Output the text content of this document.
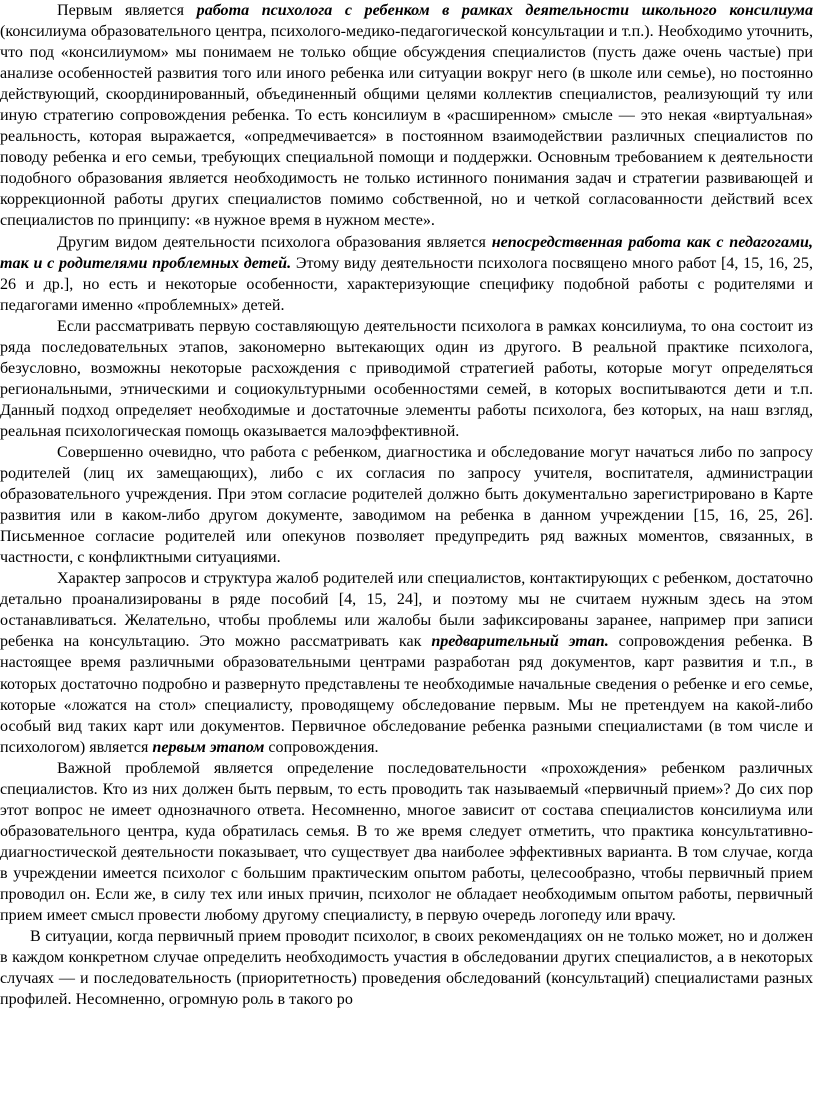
Первым является работа психолога с ребенком в рамках деятельности школьного консилиума (консилиума образовательного центра, психолого-медико-педагогической консультации и т.п.). Необходимо уточнить, что под «консилиумом» мы понимаем не только общие обсуждения специалистов (пусть даже очень частые) при анализе особенностей развития того или иного ребенка или ситуации вокруг него (в школе или семье), но постоянно действующий, скоординированный, объединенный общими целями коллектив специалистов, реализующий ту или иную стратегию сопровождения ребенка. То есть консилиум в «расширенном» смысле — это некая «виртуальная» реальность, которая выражается, «опредмечивается» в постоянном взаимодействии различных специалистов по поводу ребенка и его семьи, требующих специальной помощи и поддержки. Основным требованием к деятельности подобного образования является необходимость не только истинного понимания задач и стратегии развивающей и коррекционной работы других специалистов помимо собственной, но и четкой согласованности действий всех специалистов по принципу: «в нужное время в нужном месте».

Другим видом деятельности психолога образования является непосредственная работа как с педагогами, так и с родителями проблемных детей. Этому виду деятельности психолога посвящено много работ [4, 15, 16, 25, 26 и др.], но есть и некоторые особенности, характеризующие специфику подобной работы с родителями и педагогами именно «проблемных» детей.

Если рассматривать первую составляющую деятельности психолога в рамках консилиума, то она состоит из ряда последовательных этапов, закономерно вытекающих один из другого. В реальной практике психолога, безусловно, возможны некоторые расхождения с приводимой стратегией работы, которые могут определяться региональными, этническими и социокультурными особенностями семей, в которых воспитываются дети и т.п. Данный подход определяет необходимые и достаточные элементы работы психолога, без которых, на наш взгляд, реальная психологическая помощь оказывается малоэффективной.

Совершенно очевидно, что работа с ребенком, диагностика и обследование могут начаться либо по запросу родителей (лиц их замещающих), либо с их согласия по запросу учителя, воспитателя, администрации образовательного учреждения. При этом согласие родителей должно быть документально зарегистрировано в Карте развития или в каком-либо другом документе, заводимом на ребенка в данном учреждении [15, 16, 25, 26]. Письменное согласие родителей или опекунов позволяет предупредить ряд важных моментов, связанных, в частности, с конфликтными ситуациями.

Характер запросов и структура жалоб родителей или специалистов, контактирующих с ребенком, достаточно детально проанализированы в ряде пособий [4, 15, 24], и поэтому мы не считаем нужным здесь на этом останавливаться. Желательно, чтобы проблемы или жалобы были зафиксированы заранее, например при записи ребенка на консультацию. Это можно рассматривать как предварительный этап. сопровождения ребенка. В настоящее время различными образовательными центрами разработан ряд документов, карт развития и т.п., в которых достаточно подробно и развернуто представлены те необходимые начальные сведения о ребенке и его семье, которые «ложатся на стол» специалисту, проводящему обследование первым. Мы не претендуем на какой-либо особый вид таких карт или документов. Первичное обследование ребенка разными специалистами (в том числе и психологом) является первым этапом сопровождения.

Важной проблемой является определение последовательности «прохождения» ребенком различных специалистов. Кто из них должен быть первым, то есть проводить так называемый «первичный прием»? До сих пор этот вопрос не имеет однозначного ответа. Несомненно, многое зависит от состава специалистов консилиума или образовательного центра, куда обратилась семья. В то же время следует отметить, что практика консультативно-диагностической деятельности показывает, что существует два наиболее эффективных варианта. В том случае, когда в учреждении имеется психолог с большим практическим опытом работы, целесообразно, чтобы первичный прием проводил он. Если же, в силу тех или иных причин, психолог не обладает необходимым опытом работы, первичный прием имеет смысл провести любому другому специалисту, в первую очередь логопеду или врачу.

В ситуации, когда первичный прием проводит психолог, в своих рекомендациях он не только может, но и должен в каждом конкретном случае определить необходимость участия в обследовании других специалистов, а в некоторых случаях — и последовательность (приоритетность) проведения обследований (консультаций) специалистами разных профилей. Несомненно, огромную роль в такого ро
